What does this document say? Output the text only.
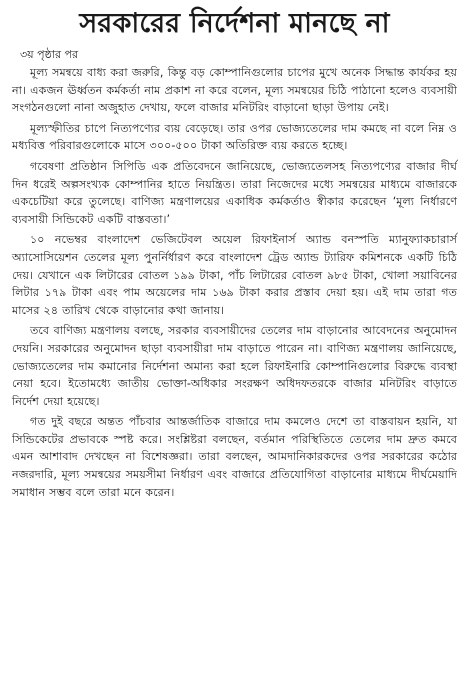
সরকারের নির্দেশনা মানছে না
৩য় পৃষ্ঠার পর

মূল্য সমন্বয়ে বাধ্য করা জরুরি, কিন্তু বড় কোম্পানিগুলোর চাপের মুখে অনেক সিদ্ধান্ত কার্যকর হয় না। একজন ঊর্ধ্বতন কর্মকর্তা নাম প্রকাশ না করে বলেন, মূল্য সমন্বয়ের চিঠি পাঠানো হলেও ব্যবসায়ী সংগঠনগুলো নানা অজুহাত দেখায়, ফলে বাজার মনিটরিং বাড়ানো ছাড়া উপায় নেই।

মূল্যস্ফীতির চাপে নিত্যপণ্যের ব্যয় বেড়েছে। তার ওপর ভোজ্যতেলের দাম কমছে না বলে নিম্ন ও মধ্যবিত্ত পরিবারগুলোকে মাসে ৩০০-৫০০ টাকা অতিরিক্ত ব্যয় করতে হচ্ছে।

গবেষণা প্রতিষ্ঠান সিপিডি এক প্রতিবেদনে জানিয়েছে, ভোজ্যতেলসহ নিত্যপণ্যের বাজার দীর্ঘ দিন ধরেই অল্পসংখ্যক কোম্পানির হাতে নিয়ন্ত্রিত। তারা নিজেদের মধ্যে সমন্বয়ের মাধ্যমে বাজারকে একচেটিয়া করে তুলেছে। বাণিজ্য মন্ত্রণালয়ের একাধিক কর্মকর্তাও স্বীকার করেছেন ‘মূল্য নির্ধারণে ব্যবসায়ী সিন্ডিকেট একটি বাস্তবতা।’

১০ নভেম্বর বাংলাদেশ ভেজিটেবল অয়েল রিফাইনার্স অ্যান্ড বনস্পতি ম্যানুফ্যাকচারার্স অ্যাসোসিয়েশন তেলের মূল্য পুনর্নির্ধারণ করে বাংলাদেশ ট্রেড অ্যান্ড ট্যারিফ কমিশনকে একটি চিঠি দেয়। যেখানে এক লিটারের বোতল ১৯৯ টাকা, পাঁচ লিটারের বোতল ৯৮৫ টাকা, খোলা সয়াবিনের লিটার ১৭৯ টাকা এবং পাম অয়েলের দাম ১৬৯ টাকা করার প্রস্তাব দেয়া হয়। এই দাম তারা গত মাসের ২৪ তারিখ থেকে বাড়ানোর কথা জানায়।

তবে বাণিজ্য মন্ত্রণালয় বলছে, সরকার ব্যবসায়ীদের তেলের দাম বাড়ানোর আবেদনের অনুমোদন দেয়নি। সরকারের অনুমোদন ছাড়া ব্যবসায়ীরা দাম বাড়াতে পারেন না। বাণিজ্য মন্ত্রণালয় জানিয়েছে, ভোজ্যতেলের দাম কমানোর নির্দেশনা অমান্য করা হলে রিফাইনারি কোম্পানিগুলোর বিরুদ্ধে ব্যবস্থা নেয়া হবে। ইতোমধ্যে জাতীয় ভোক্তা-অধিকার সংরক্ষণ অধিদফতরকে বাজার মনিটরিং বাড়াতে নির্দেশ দেয়া হয়েছে।

গত দুই বছরে অন্তত পাঁচবার আন্তর্জাতিক বাজারে দাম কমলেও দেশে তা বাস্তবায়ন হয়নি, যা সিন্ডিকেটের প্রভাবকে স্পষ্ট করে। সংশ্লিষ্টরা বলছেন, বর্তমান পরিস্থিতিতে তেলের দাম দ্রুত কমবে এমন আশাবাদ দেখছেন না বিশেষজ্ঞরা। তারা বলছেন, আমদানিকারকদের ওপর সরকারের কঠোর নজরদারি, মূল্য সমন্বয়ের সময়সীমা নির্ধারণ এবং বাজারে প্রতিযোগিতা বাড়ানোর মাধ্যমে দীর্ঘমেয়াদি সমাধান সম্ভব বলে তারা মনে করেন।
